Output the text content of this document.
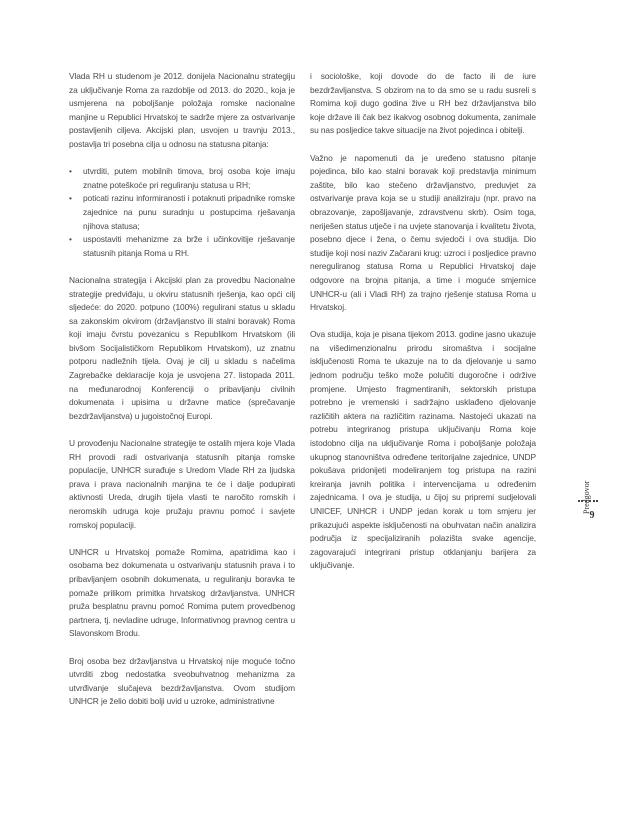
Vlada RH u studenom je 2012. donijela Nacionalnu strategiju za uključivanje Roma za razdoblje od 2013. do 2020., koja je usmjerena na poboljšanje položaja romske nacionalne manjine u Republici Hrvatskoj te sadrže mjere za ostvarivanje postavljenih ciljeva. Akcijski plan, usvojen u travnju 2013., postavlja tri posebna cilja u odnosu na statusna pitanja:

• utvrditi, putem mobilnih timova, broj osoba koje imaju znatne poteškoće pri reguliranju statusa u RH;
• poticati razinu informiranosti i potaknuti pripadnike romske zajednice na punu suradnju u postupcima rješavanja njihova statusa;
• uspostaviti mehanizme za brže i učinkovitije rješavanje statusnih pitanja Roma u RH.

Nacionalna strategija i Akcijski plan za provedbu Nacionalne strategije predviđaju, u okviru statusnih rješenja, kao opći cilj sljedeće: do 2020. potpuno (100%) regulirani status u skladu sa zakonskim okvirom (državljanstvo ili stalni boravak) Roma koji imaju čvrstu povezanicu s Republikom Hrvatskom (ili bivšom Socijalističkom Republikom Hrvatskom), uz znatnu potporu nadležnih tijela. Ovaj je cilj u skladu s načelima Zagrebačke deklaracije koja je usvojena 27. listopada 2011. na međunarodnoj Konferenciji o pribavljanju civilnih dokumenata i upisima u državne matice (sprečavanje bezdržavljanstva) u jugoistočnoj Europi.

U provođenju Nacionalne strategije te ostalih mjera koje Vlada RH provodi radi ostvarivanja statusnih pitanja romske populacije, UNHCR surađuje s Uredom Vlade RH za ljudska prava i prava nacionalnih manjina te će i dalje podupirati aktivnosti Ureda, drugih tijela vlasti te naročito romskih i neromskih udruga koje pružaju pravnu pomoć i savjete romskoj populaciji.

UNHCR u Hrvatskoj pomaže Romima, apatridima kao i osobama bez dokumenata u ostvarivanju statusnih prava i to pribavljanjem osobnih dokumenata, u reguliranju boravka te pomaže prilikom primitka hrvatskog državljanstva. UNHCR pruža besplatnu pravnu pomoć Romima putem provedbenog partnera, tj. nevladine udruge, Informativnog pravnog centra u Slavonskom Brodu.

Broj osoba bez državljanstva u Hrvatskoj nije moguće točno utvrditi zbog nedostatka sveobuhvatnog mehanizma za utvrđivanje slučajeva bezdržavljanstva. Ovom studijom UNHCR je želio dobiti bolji uvid u uzroke, administrativne

i sociološke, koji dovode do de facto ili de iure bezdržavljanstva. S obzirom na to da smo se u radu susreli s Romima koji dugo godina žive u RH bez državljanstva bilo koje države ili čak bez ikakvog osobnog dokumenta, zanimale su nas posljedice takve situacije na život pojedinca i obitelji.

Važno je napomenuti da je uređeno statusno pitanje pojedinca, bilo kao stalni boravak koji predstavlja minimum zaštite, bilo kao stečeno državljanstvo, preduvjet za ostvarivanje prava koja se u studiji analiziraju (npr. pravo na obrazovanje, zapošljavanje, zdravstvenu skrb). Osim toga, neriješen status utječe i na uvjete stanovanja i kvalitetu života, posebno djece i žena, o čemu svjedoči i ova studija. Dio studije koji nosi naziv Začarani krug: uzroci i posljedice pravno nereguliranog statusa Roma u Republici Hrvatskoj daje odgovore na brojna pitanja, a time i mogućе smjernice UNHCR-u (ali i Vladi RH) za trajno rješenje statusa Roma u Hrvatskoj.

Ova studija, koja je pisana tijekom 2013. godine jasno ukazuje na višedimenzionalnu prirodu siromaštva i socijalne isključenosti Roma te ukazuje na to da djelovanje u samo jednom području teško može polučiti dugoročne i održive promjene. Umjesto fragmentiranih, sektorskih pristupa potrebno je vremenski i sadržajno usklađeno djelovanje različitih aktera na različitim razinama. Nastojeći ukazati na potrebu integriranog pristupa uključivanju Roma koje istodobno cilja na uključivanje Roma i poboljšanje položaja ukupnog stanovništva određene teritorijalne zajednice, UNDP pokušava pridonijeti modeliranjem tog pristupa na razini kreiranja javnih politika i intervencijama u određenim zajednicama. I ova je studija, u čijoj su pripremi sudjelovali UNICEF, UNHCR i UNDP jedan korak u tom smjeru jer prikazujući aspekte isključenosti na obuhvatan način analizira područja iz specijaliziranih polazišta svake agencije, zagovarajući integrirani pristup otklanjanju barijera za uključivanje.

Predgovor
9
